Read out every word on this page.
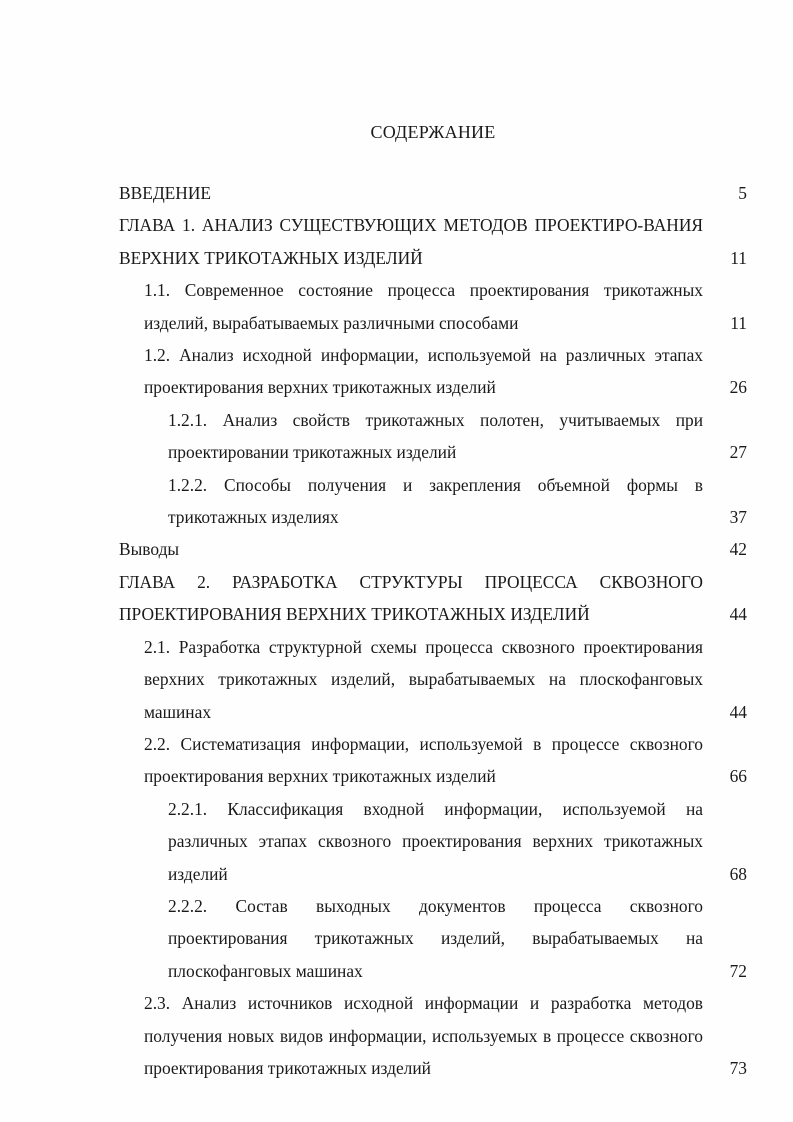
СОДЕРЖАНИЕ
ВВЕДЕНИЕ	5
ГЛАВА 1. АНАЛИЗ СУЩЕСТВУЮЩИХ МЕТОДОВ ПРОЕКТИРО-ВАНИЯ ВЕРХНИХ ТРИКОТАЖНЫХ ИЗДЕЛИЙ	11
1.1. Современное состояние процесса проектирования трикотажных изделий, вырабатываемых различными способами	11
1.2. Анализ исходной информации, используемой на различных этапах проектирования верхних трикотажных изделий	26
1.2.1. Анализ свойств трикотажных полотен, учитываемых при проектировании трикотажных изделий	27
1.2.2. Способы получения и закрепления объемной формы в трикотажных изделиях	37
Выводы	42
ГЛАВА 2. РАЗРАБОТКА СТРУКТУРЫ ПРОЦЕССА СКВОЗНОГО ПРОЕКТИРОВАНИЯ ВЕРХНИХ ТРИКОТАЖНЫХ ИЗДЕЛИЙ	44
2.1. Разработка структурной схемы процесса сквозного проектирования верхних трикотажных изделий, вырабатываемых на плоскофанговых машинах	44
2.2. Систематизация информации, используемой в процессе сквозного проектирования верхних трикотажных изделий	66
2.2.1. Классификация входной информации, используемой на различных этапах сквозного проектирования верхних трикотажных изделий	68
2.2.2. Состав выходных документов процесса сквозного проектирования трикотажных изделий, вырабатываемых на плоскофанговых машинах	72
2.3. Анализ источников исходной информации и разработка методов получения новых видов информации, используемых в процессе сквозного проектирования трикотажных изделий	73
